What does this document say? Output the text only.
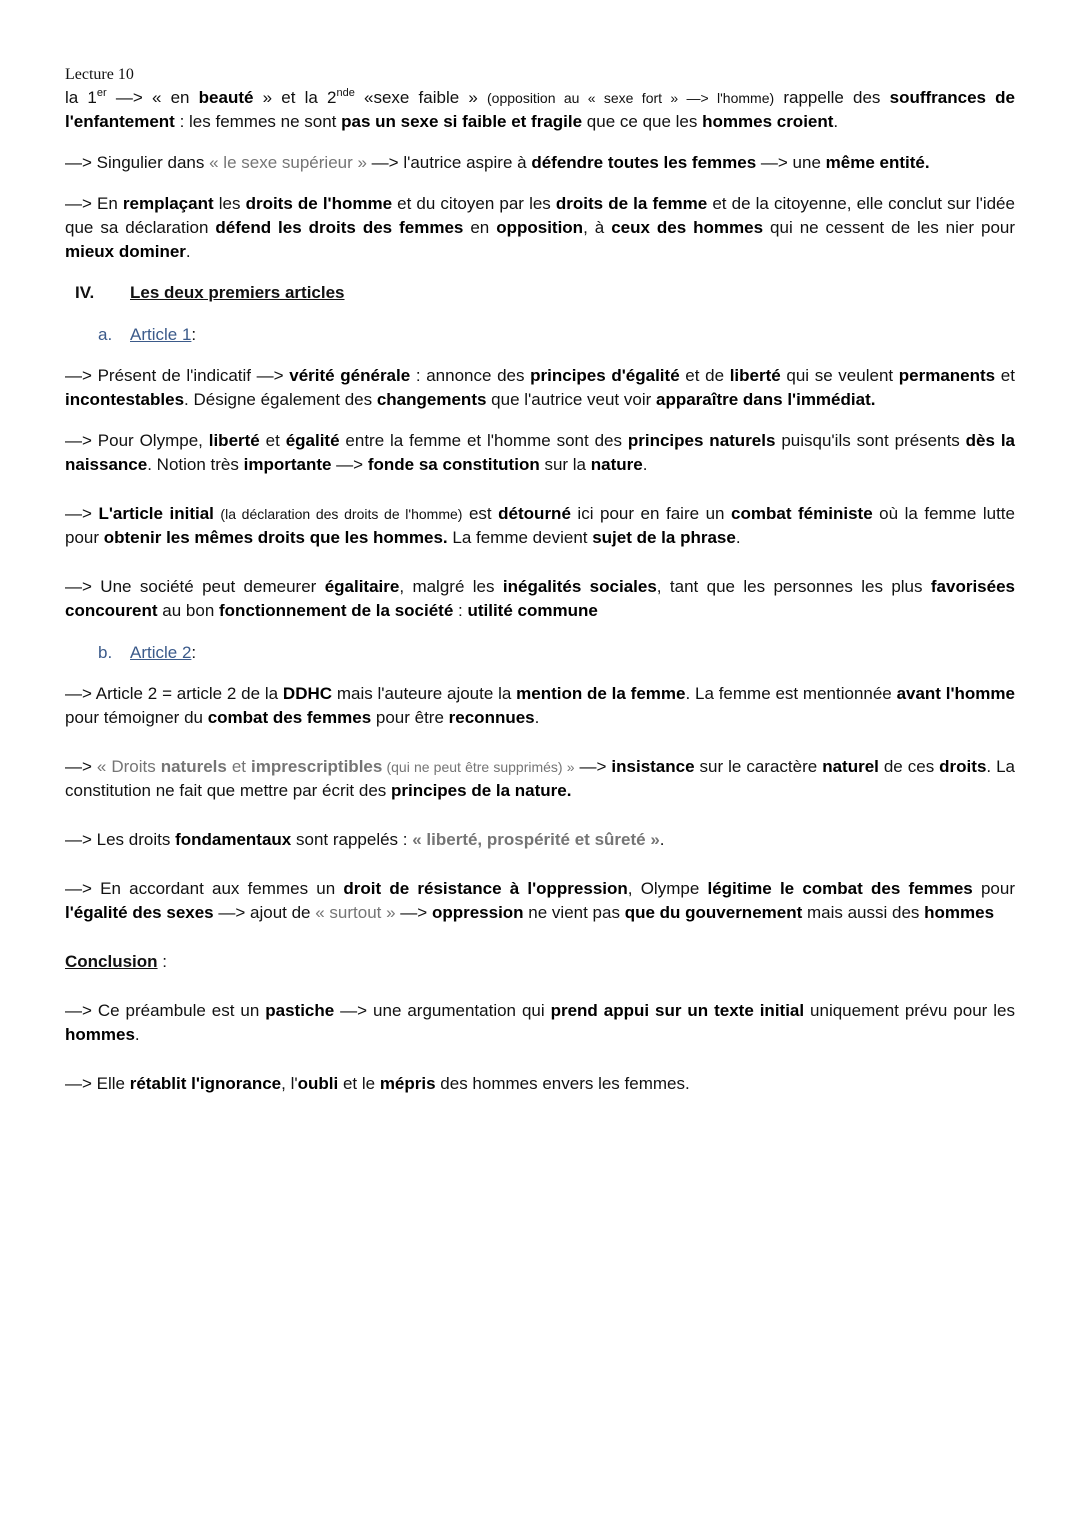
Lecture 10

la 1er —> « en beauté » et la 2nde «sexe faible » (opposition au « sexe fort » —> l'homme) rappelle des souffrances de l'enfantement : les femmes ne sont pas un sexe si faible et fragile que ce que les hommes croient.

—> Singulier dans « le sexe supérieur » —> l'autrice aspire à défendre toutes les femmes —> une même entité.

—> En remplaçant les droits de l'homme et du citoyen par les droits de la femme et de la citoyenne, elle conclut sur l'idée que sa déclaration défend les droits des femmes en opposition, à ceux des hommes qui ne cessent de les nier pour mieux dominer.

IV.	Les deux premiers articles
a.	Article 1 :

—> Présent de l'indicatif —> vérité générale : annonce des principes d'égalité et de liberté qui se veulent permanents et incontestables. Désigne également des changements que l'autrice veut voir apparaître dans l'immédiat.

—> Pour Olympe, liberté et égalité entre la femme et l'homme sont des principes naturels puisqu'ils sont présents dès la naissance. Notion très importante —> fonde sa constitution sur la nature.

—> L'article initial (la déclaration des droits de l'homme) est détourné ici pour en faire un combat féministe où la femme lutte pour obtenir les mêmes droits que les hommes. La femme devient sujet de la phrase.

—> Une société peut demeurer égalitaire, malgré les inégalités sociales, tant que les personnes les plus favorisées concourent au bon fonctionnement de la société : utilité commune

b.	Article 2 :

—> Article 2 = article 2 de la DDHC mais l'auteure ajoute la mention de la femme. La femme est mentionnée avant l'homme pour témoigner du combat des femmes pour être reconnues.

—> « Droits naturels et imprescriptibles (qui ne peut être supprimés) » —> insistance sur le caractère naturel de ces droits. La constitution ne fait que mettre par écrit des principes de la nature.

—> Les droits fondamentaux sont rappelés : « liberté, prospérité et sûreté ».

—> En accordant aux femmes un droit de résistance à l'oppression, Olympe légitime le combat des femmes pour l'égalité des sexes —> ajout de « surtout » —> oppression ne vient pas que du gouvernement mais aussi des hommes

Conclusion :

—> Ce préambule est un pastiche —> une argumentation qui prend appui sur un texte initial uniquement prévu pour les hommes.

—> Elle rétablit l'ignorance, l'oubli et le mépris des hommes envers les femmes.
